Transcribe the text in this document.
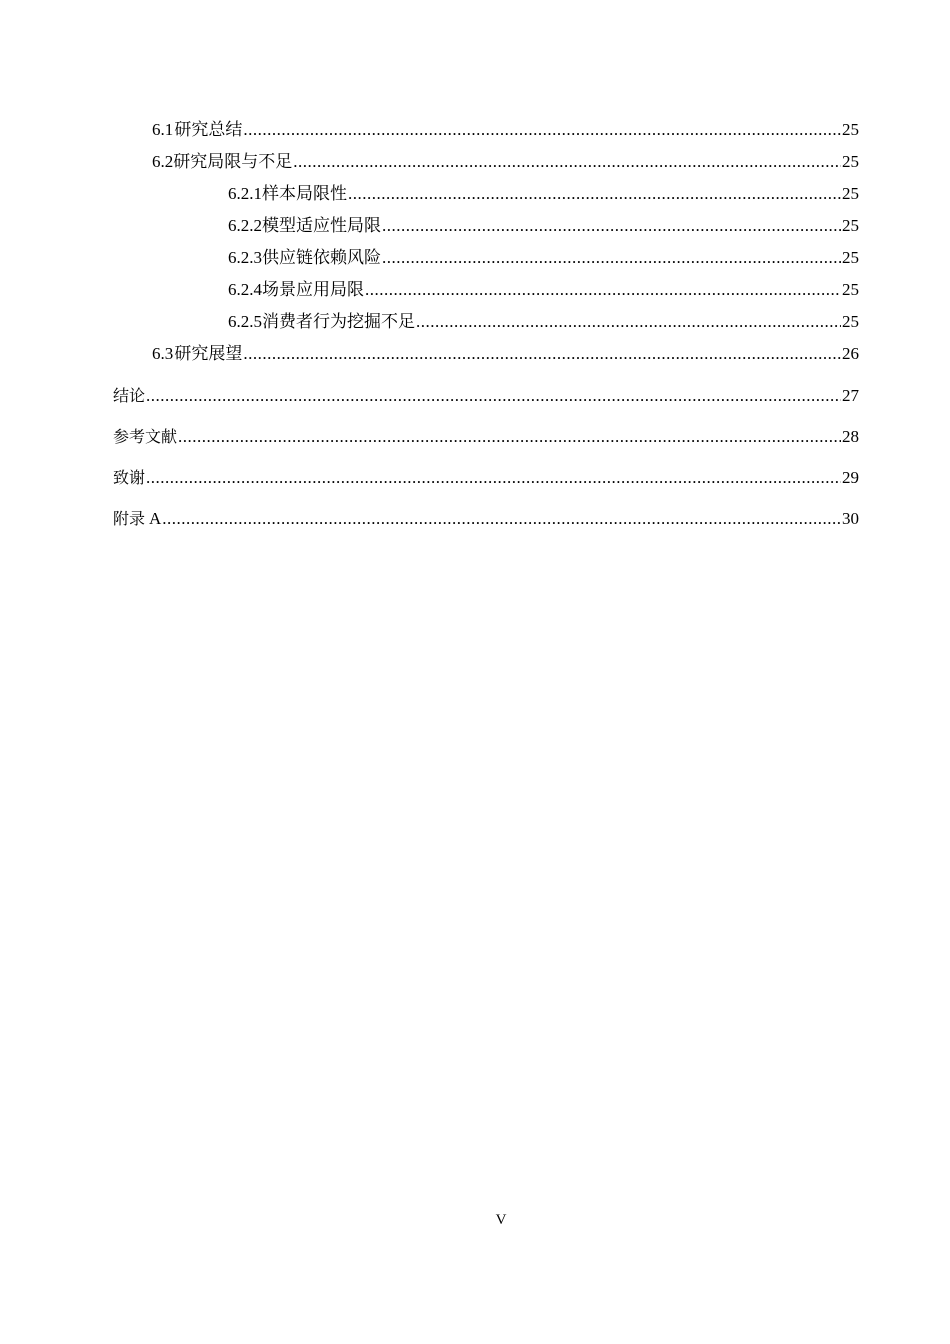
6.1 研究总结 .....	25
6.2 研究局限与不足 .....	25
6.2.1 样本局限性 .....	25
6.2.2 模型适应性局限 .....	25
6.2.3 供应链依赖风险 .....	25
6.2.4 场景应用局限 .....	25
6.2.5 消费者行为挖掘不足 .....	25
6.3 研究展望 .....	26
结论 .....	27
参考文献 .....	28
致谢 .....	29
附录 A .....	30
V
